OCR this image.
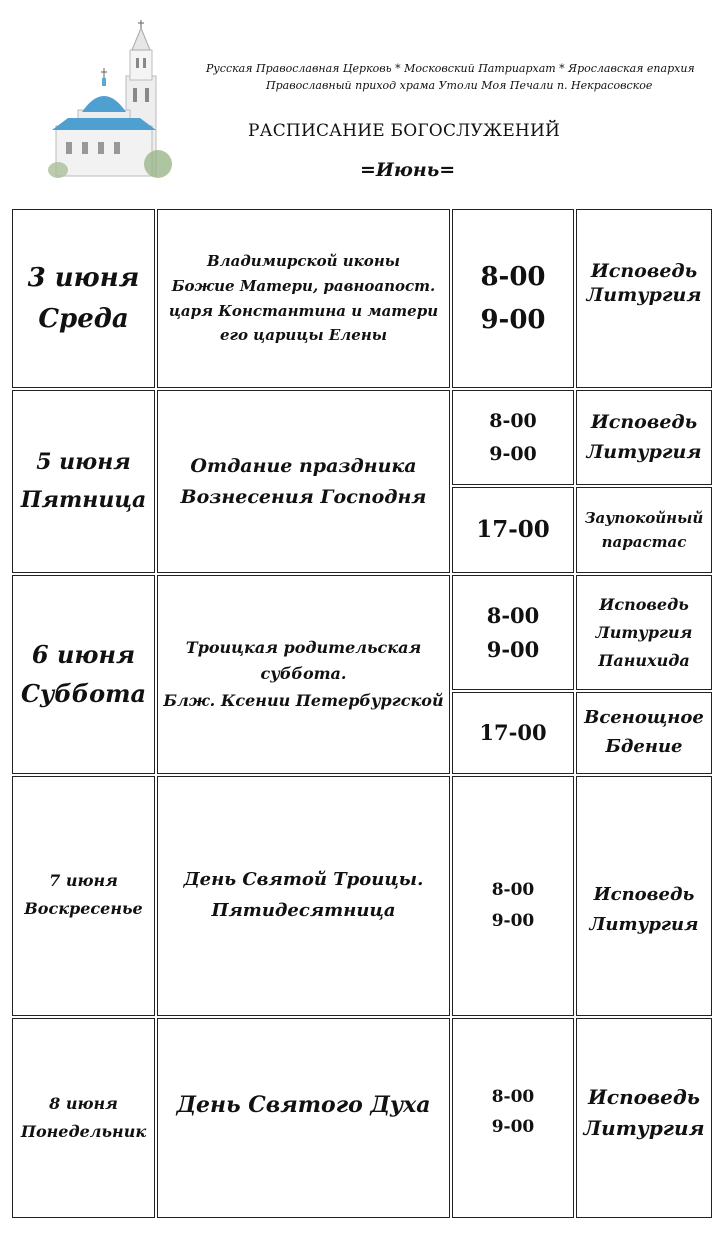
Русская Православная Церковь * Московский Патриархат * Ярославская епархия
Православный приход храма Утоли Моя Печали п. Некрасовское
РАСПИСАНИЕ БОГОСЛУЖЕНИЙ
=Июнь=
3 июня
Среда
Владимирской иконы
Божие Матери, равноапост.
царя Константина и матери
его царицы Елены
8-00
9-00
Исповедь
Литургия
5 июня
Пятница
Отдание праздника
Вознесения Господня
8-00
9-00
Исповедь
Литургия
17-00 Заупокойный
парастас
6 июня
Суббота
Троицкая родительская
суббота.
Блж. Ксении Петербургской
8-00
9-00
Исповедь
Литургия
Панихида
17-00
Всенощное
Бдение
7 июня
Воскресенье
День Святой Троицы.
Пятидесятница
8-00
9-00
Исповедь
Литургия
8 июня
Понедельник
День Святого Духа	8-00
9-00
Исповедь
Литургия
